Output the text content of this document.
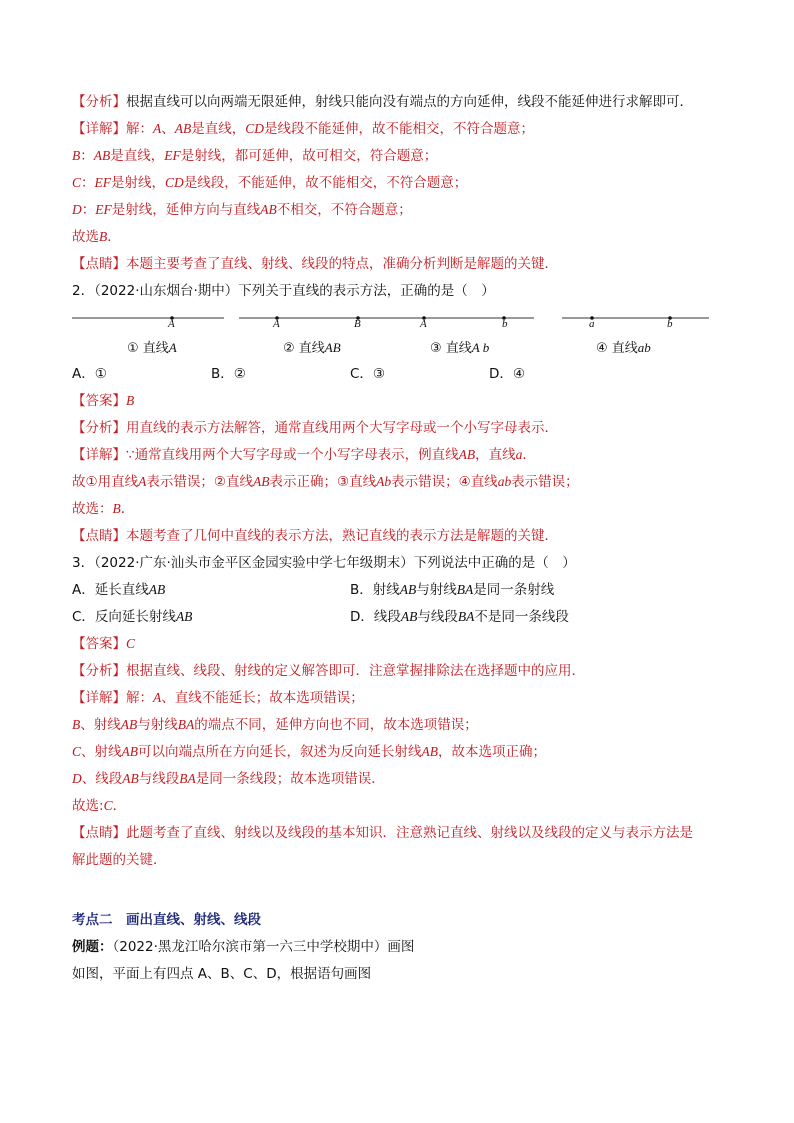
【分析】根据直线可以向两端无限延伸，射线只能向没有端点的方向延伸，线段不能延伸进行求解即可．
【详解】解：A、AB是直线，CD是线段不能延伸，故不能相交，不符合题意；
B：AB是直线，EF是射线，都可延伸，故可相交，符合题意；
C：EF是射线，CD是线段，不能延伸，故不能相交，不符合题意；
D：EF是射线，延伸方向与直线AB不相交，不符合题意；
故选B．
【点睛】本题主要考查了直线、射线、线段的特点，准确分析判断是解题的关键．
2．（2022·山东烟台·期中）下列关于直线的表示方法，正确的是（　）
A	A	B	A	b	a	b
① 直线A	② 直线AB	③ 直线A b	④ 直线ab
A．①	B．②	C．③	D．④
【答案】B
【分析】用直线的表示方法解答，通常直线用两个大写字母或一个小写字母表示．
【详解】∵通常直线用两个大写字母或一个小写字母表示，例直线AB，直线a．
故①用直线A表示错误；②直线AB表示正确；③直线Ab表示错误；④直线ab表示错误；
故选：B．
【点睛】本题考查了几何中直线的表示方法，熟记直线的表示方法是解题的关键．
3．（2022·广东·汕头市金平区金园实验中学七年级期末）下列说法中正确的是（　）
A．延长直线AB	B．射线AB与射线BA是同一条射线
C．反向延长射线AB	D．线段AB与线段BA不是同一条线段
【答案】C
【分析】根据直线、线段、射线的定义解答即可．注意掌握排除法在选择题中的应用．
【详解】解：A、直线不能延长；故本选项错误；
B、射线AB与射线BA的端点不同，延伸方向也不同，故本选项错误；
C、射线AB可以向端点所在方向延长，叙述为反向延长射线AB，故本选项正确；
D、线段AB与线段BA是同一条线段；故本选项错误．
故选:C．
【点睛】此题考查了直线、射线以及线段的基本知识．注意熟记直线、射线以及线段的定义与表示方法是
解此题的关键．
考点二　画出直线、射线、线段
例题：（2022·黑龙江哈尔滨市第一六三中学校期中）画图
如图，平面上有四点 A、B、C、D，根据语句画图
